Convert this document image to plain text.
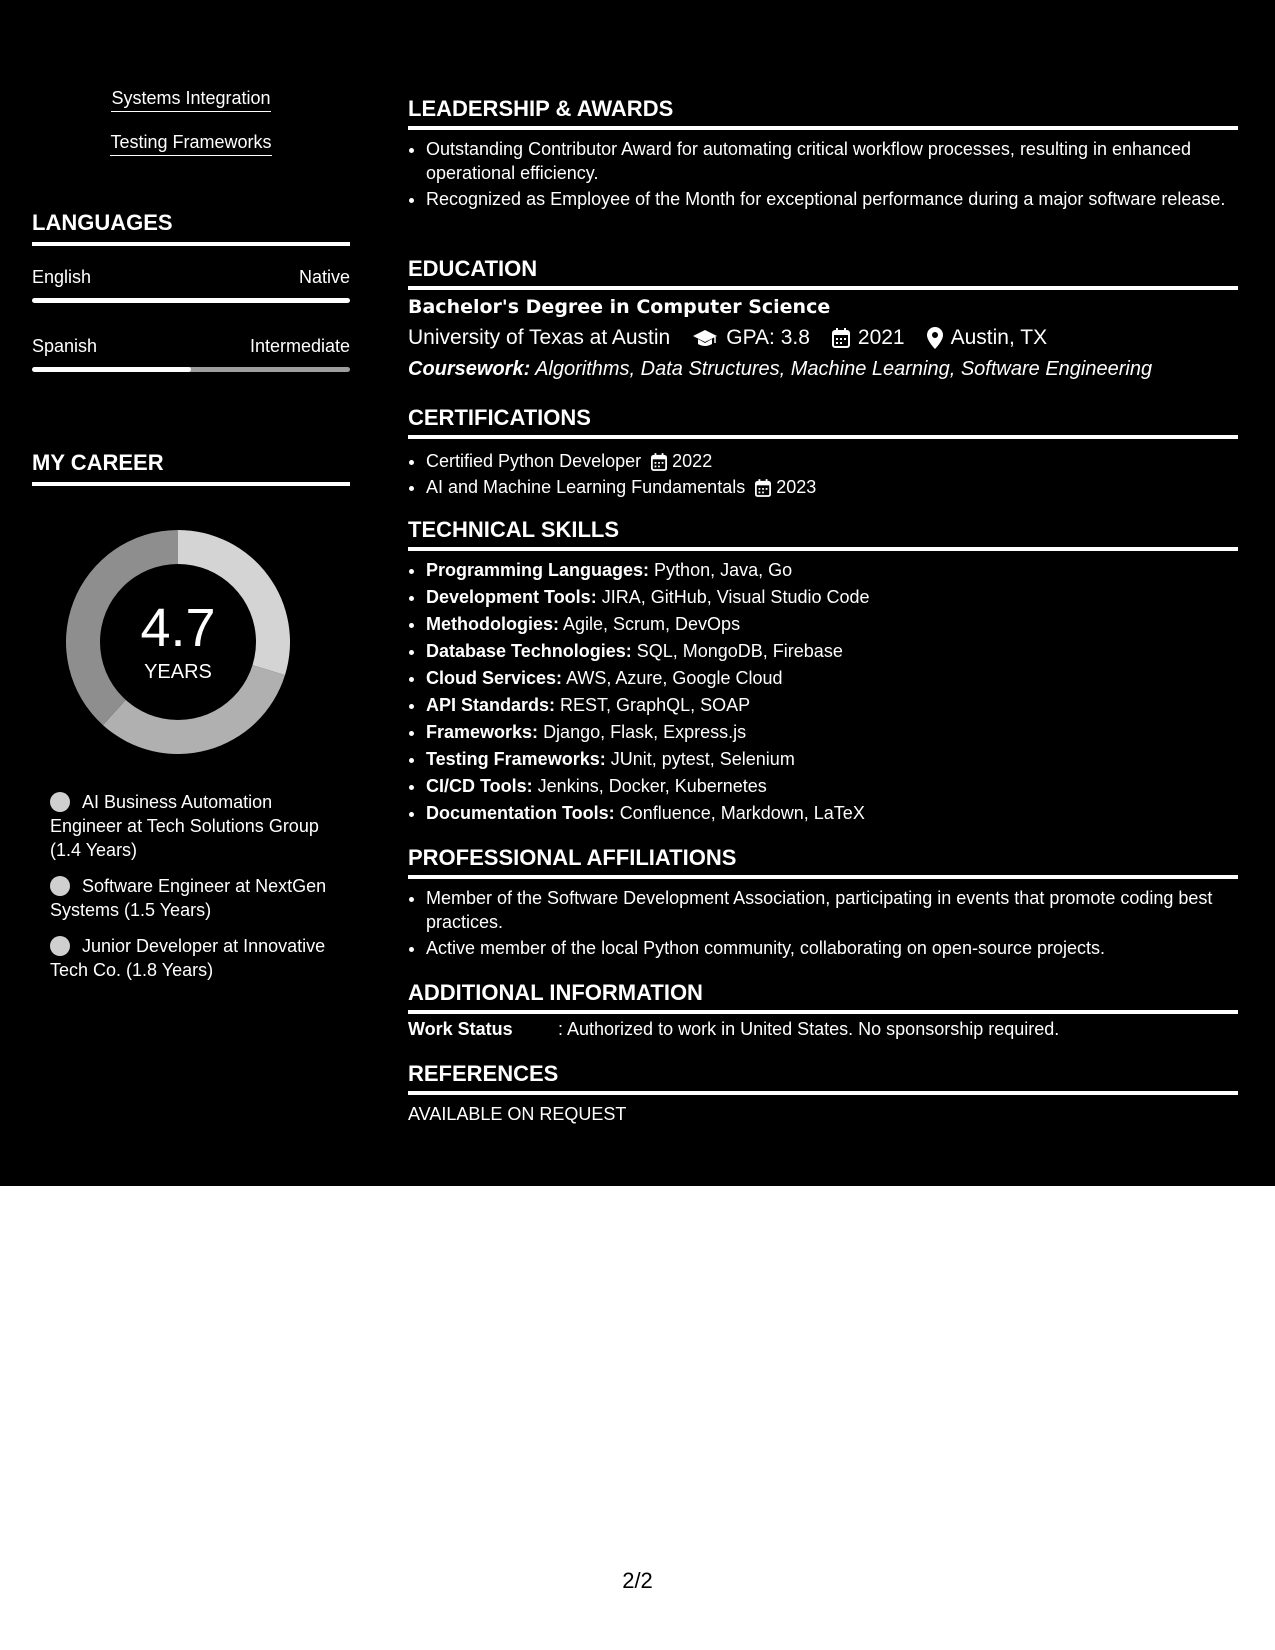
Systems Integration
Testing Frameworks
LANGUAGES
English	Native
Spanish	Intermediate
MY CAREER
4.7
YEARS
AI Business Automation Engineer at Tech Solutions Group (1.4 Years)
Software Engineer at NextGen Systems (1.5 Years)
Junior Developer at Innovative Tech Co. (1.8 Years)
LEADERSHIP & AWARDS
• Outstanding Contributor Award for automating critical workflow processes, resulting in enhanced operational efficiency.
• Recognized as Employee of the Month for exceptional performance during a major software release.
EDUCATION
Bachelor's Degree in Computer Science
University of Texas at Austin	GPA: 3.8 2021 Austin, TX
Coursework: Algorithms, Data Structures, Machine Learning, Software Engineering
CERTIFICATIONS
• Certified Python Developer 2022
• AI and Machine Learning Fundamentals 2023
TECHNICAL SKILLS
• Programming Languages: Python, Java, Go
• Development Tools: JIRA, GitHub, Visual Studio Code
• Methodologies: Agile, Scrum, DevOps
• Database Technologies: SQL, MongoDB, Firebase
• Cloud Services: AWS, Azure, Google Cloud
• API Standards: REST, GraphQL, SOAP
• Frameworks: Django, Flask, Express.js
• Testing Frameworks: JUnit, pytest, Selenium
• CI/CD Tools: Jenkins, Docker, Kubernetes
• Documentation Tools: Confluence, Markdown, LaTeX
PROFESSIONAL AFFILIATIONS
• Member of the Software Development Association, participating in events that promote coding best practices.
• Active member of the local Python community, collaborating on open-source projects.
ADDITIONAL INFORMATION
Work Status	: Authorized to work in United States. No sponsorship required.
REFERENCES
AVAILABLE ON REQUEST
2/2
